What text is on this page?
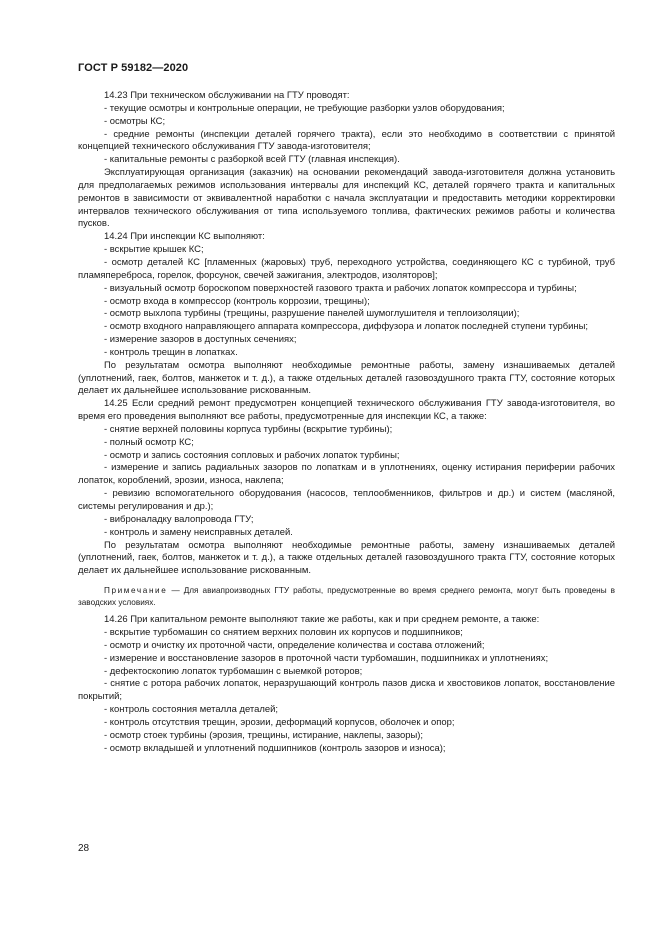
ГОСТ Р 59182—2020

14.23 При техническом обслуживании на ГТУ проводят:

- текущие осмотры и контрольные операции, не требующие разборки узлов оборудования;

- осмотры КС;

- средние ремонты (инспекции деталей горячего тракта), если это необходимо в соответствии с принятой концепцией технического обслуживания ГТУ завода-изготовителя;

- капитальные ремонты с разборкой всей ГТУ (главная инспекция).

Эксплуатирующая организация (заказчик) на основании рекомендаций завода-изготовителя должна установить для предполагаемых режимов использования интервалы для инспекций КС, деталей горячего тракта и капитальных ремонтов в зависимости от эквивалентной наработки с начала эксплуатации и предоставить методики корректировки интервалов технического обслуживания от типа используемого топлива, фактических режимов работы и количества пусков.

14.24 При инспекции КС выполняют:

- вскрытие крышек КС;

- осмотр деталей КС [пламенных (жаровых) труб, переходного устройства, соединяющего КС с турбиной, труб пламяпереброса, горелок, форсунок, свечей зажигания, электродов, изоляторов];

- визуальный осмотр бороскопом поверхностей газового тракта и рабочих лопаток компрессора и турбины;

- осмотр входа в компрессор (контроль коррозии, трещины);

- осмотр выхлопа турбины (трещины, разрушение панелей шумоглушителя и теплоизоляции);

- осмотр входного направляющего аппарата компрессора, диффузора и лопаток последней ступени турбины;

- измерение зазоров в доступных сечениях;

- контроль трещин в лопатках.

По результатам осмотра выполняют необходимые ремонтные работы, замену изнашиваемых деталей (уплотнений, гаек, болтов, манжеток и т. д.), а также отдельных деталей газовоздушного тракта ГТУ, состояние которых делает их дальнейшее использование рискованным.

14.25 Если средний ремонт предусмотрен концепцией технического обслуживания ГТУ завода-изготовителя, во время его проведения выполняют все работы, предусмотренные для инспекции КС, а также:

- снятие верхней половины корпуса турбины (вскрытие турбины);

- полный осмотр КС;

- осмотр и запись состояния сопловых и рабочих лопаток турбины;

- измерение и запись радиальных зазоров по лопаткам и в уплотнениях, оценку истирания периферии рабочих лопаток, короблений, эрозии, износа, наклепа;

- ревизию вспомогательного оборудования (насосов, теплообменников, фильтров и др.) и систем (масляной, системы регулирования и др.);

- виброналадку валопровода ГТУ;

- контроль и замену неисправных деталей.

По результатам осмотра выполняют необходимые ремонтные работы, замену изнашиваемых деталей (уплотнений, гаек, болтов, манжеток и т. д.), а также отдельных деталей газовоздушного тракта ГТУ, состояние которых делает их дальнейшее использование рискованным.

Примечание — Для авиапроизводных ГТУ работы, предусмотренные во время среднего ремонта, могут быть проведены в заводских условиях.

14.26 При капитальном ремонте выполняют такие же работы, как и при среднем ремонте, а также:

- вскрытие турбомашин со снятием верхних половин их корпусов и подшипников;

- осмотр и очистку их проточной части, определение количества и состава отложений;

- измерение и восстановление зазоров в проточной части турбомашин, подшипниках и уплотнениях;

- дефектоскопию лопаток турбомашин с выемкой роторов;

- снятие с ротора рабочих лопаток, неразрушающий контроль пазов диска и хвостовиков лопаток, восстановление покрытий;

- контроль состояния металла деталей;

- контроль отсутствия трещин, эрозии, деформаций корпусов, оболочек и опор;

- осмотр стоек турбины (эрозия, трещины, истирание, наклепы, зазоры);

- осмотр вкладышей и уплотнений подшипников (контроль зазоров и износа);

28
